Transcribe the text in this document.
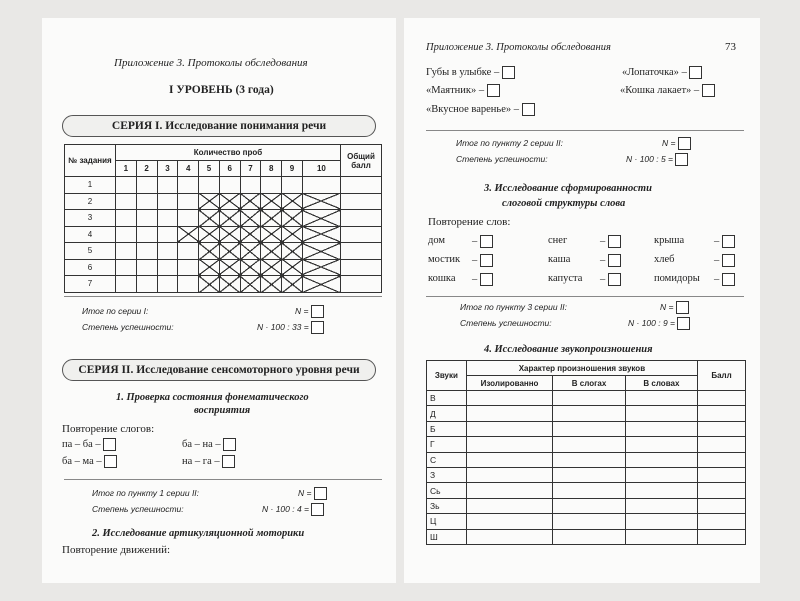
Приложение 3. Протоколы обследования
I УРОВЕНЬ (3 года)
СЕРИЯ I. Исследование понимания речи
№ задания	Количество проб										Общий балл
	1	2	3	4	5	6	7	8	9	10	
1											
2											
3											
4											
5											
6											
7											
Итог по серии I:	N =
Степень успешности:	N · 100 : 33 =
СЕРИЯ II. Исследование сенсомоторного уровня речи
1. Проверка состояния фонематического
восприятия
Повторение слогов:
па – ба –	ба – на –
ба – ма –	на – га –
Итог по пункту 1 серии II:	N =
Степень успешности:	N · 100 : 4 =
2. Исследование артикуляционной моторики
Повторение движений:
Приложение 3. Протоколы обследования	73
Губы в улыбке –	«Лопаточка» –
«Маятник» –	«Кошка лакает» –
«Вкусное варенье» –
Итог по пункту 2 серии II:	N =
Степень успешности:	N · 100 : 5 =
3. Исследование сформированности
слоговой структуры слова
Повторение слов:
дом	–	снег	–	крыша	–
мостик –	каша	–	хлеб	–
кошка –	капуста –	помидоры –
Итог по пункту 3 серии II:	N =
Степень успешности:	N · 100 : 9 =
4. Исследование звукопроизношения
Звуки	Характер произношения звуков			Балл
	Изолированно	В слогах	В словах	
В				
Д				
Б				
Г				
С				
З				
Сь				
Зь				
Ц				
Ш				
